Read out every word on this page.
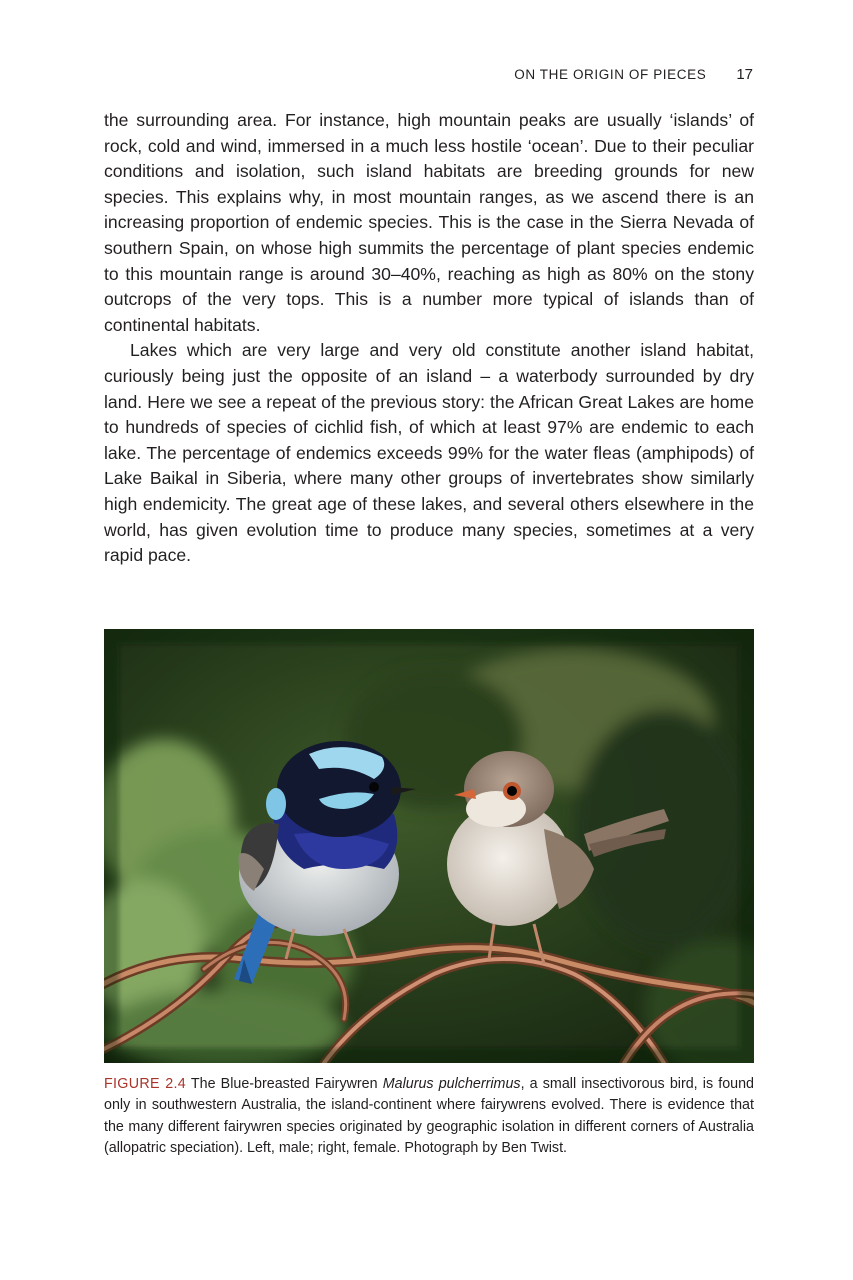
ON THE ORIGIN OF PIECES 17

the surrounding area. For instance, high mountain peaks are usually ‘islands’ of rock, cold and wind, immersed in a much less hostile ‘ocean’. Due to their peculiar conditions and isolation, such island habitats are breeding grounds for new species. This explains why, in most mountain ranges, as we ascend there is an increasing proportion of endemic species. This is the case in the Sierra Nevada of southern Spain, on whose high summits the percentage of plant species endemic to this mountain range is around 30–40%, reaching as high as 80% on the stony outcrops of the very tops. This is a number more typical of islands than of continental habitats.

Lakes which are very large and very old constitute another island habitat, curiously being just the opposite of an island – a waterbody surrounded by dry land. Here we see a repeat of the previous story: the African Great Lakes are home to hundreds of species of cichlid fish, of which at least 97% are endemic to each lake. The percentage of endemics exceeds 99% for the water fleas (amphipods) of Lake Baikal in Siberia, where many other groups of invertebrates show similarly high endemicity. The great age of these lakes, and several others elsewhere in the world, has given evolution time to produce many species, sometimes at a very rapid pace.

FIGURE 2.4 The Blue-breasted Fairywren Malurus pulcherrimus, a small insectivorous bird, is found only in southwestern Australia, the island-continent where fairywrens evolved. There is evidence that the many different fairywren species originated by geographic isolation in different corners of Australia (allopatric speciation). Left, male; right, female. Photograph by Ben Twist.
